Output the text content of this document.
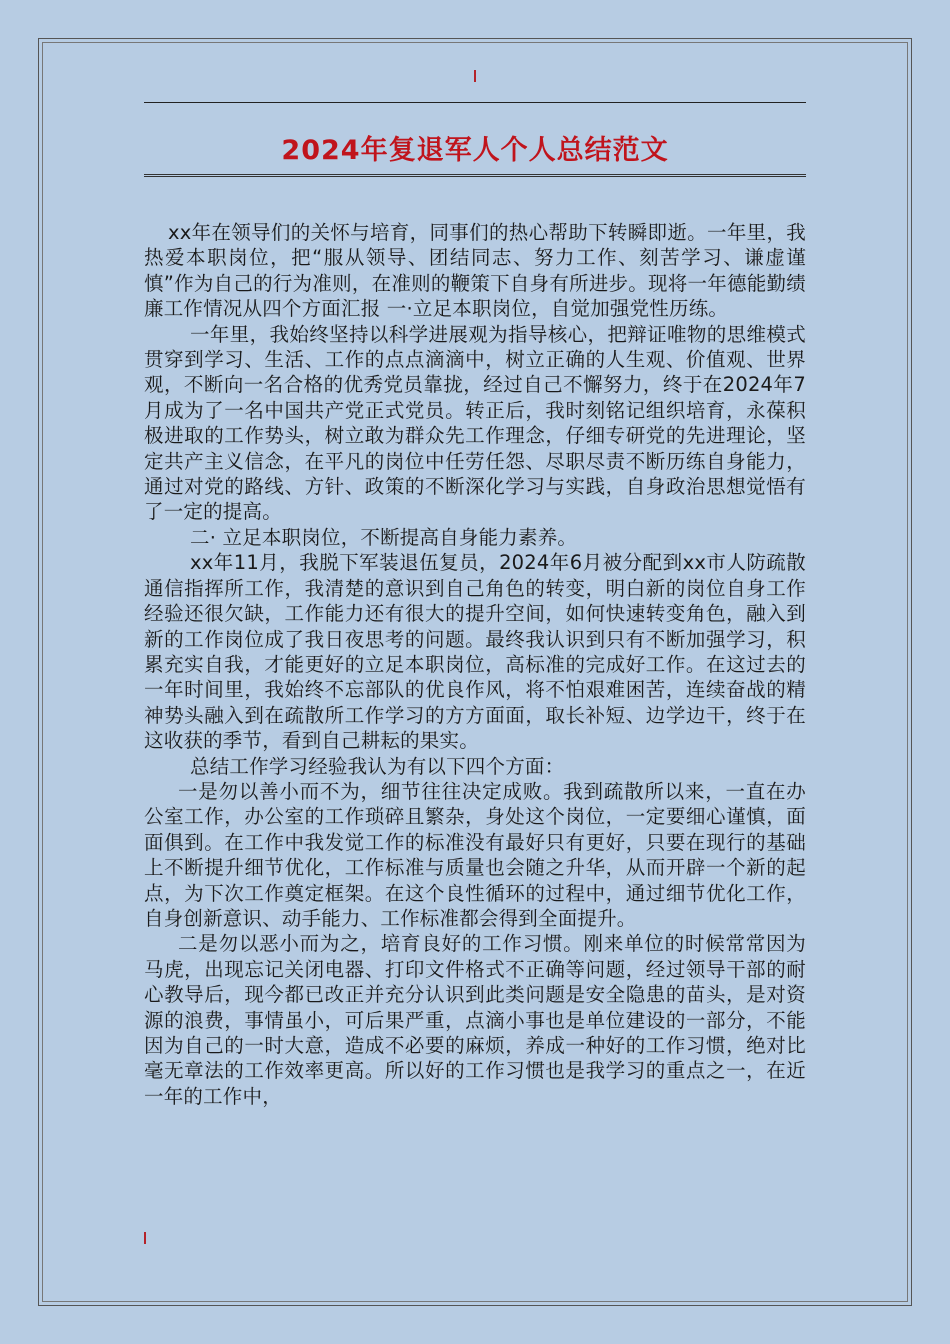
2024年复退军人个人总结范文

xx年在领导们的关怀与培育，同事们的热心帮助下转瞬即逝。一年里，我热爱本职岗位，把“服从领导、团结同志、努力工作、刻苦学习、谦虚谨慎”作为自己的行为准则，在准则的鞭策下自身有所进步。现将一年德能勤绩廉工作情况从四个方面汇报 一·立足本职岗位，自觉加强党性历练。

一年里，我始终坚持以科学进展观为指导核心，把辩证唯物的思维模式贯穿到学习、生活、工作的点点滴滴中，树立正确的人生观、价值观、世界观，不断向一名合格的优秀党员靠拢，经过自己不懈努力，终于在2024年7月成为了一名中国共产党正式党员。转正后，我时刻铭记组织培育，永葆积极进取的工作势头，树立敢为群众先工作理念，仔细专研党的先进理论，坚定共产主义信念，在平凡的岗位中任劳任怨、尽职尽责不断历练自身能力，通过对党的路线、方针、政策的不断深化学习与实践，自身政治思想觉悟有了一定的提高。

二· 立足本职岗位，不断提高自身能力素养。

xx年11月，我脱下军装退伍复员，2024年6月被分配到xx市人防疏散通信指挥所工作，我清楚的意识到自己角色的转变，明白新的岗位自身工作经验还很欠缺，工作能力还有很大的提升空间，如何快速转变角色，融入到新的工作岗位成了我日夜思考的问题。最终我认识到只有不断加强学习，积累充实自我，才能更好的立足本职岗位，高标准的完成好工作。在这过去的一年时间里，我始终不忘部队的优良作风，将不怕艰难困苦，连续奋战的精神势头融入到在疏散所工作学习的方方面面，取长补短、边学边干，终于在这收获的季节，看到自己耕耘的果实。

总结工作学习经验我认为有以下四个方面：

一是勿以善小而不为，细节往往决定成败。我到疏散所以来，一直在办公室工作，办公室的工作琐碎且繁杂，身处这个岗位，一定要细心谨慎，面面俱到。在工作中我发觉工作的标准没有最好只有更好，只要在现行的基础上不断提升细节优化，工作标准与质量也会随之升华，从而开辟一个新的起点，为下次工作奠定框架。在这个良性循环的过程中，通过细节优化工作，自身创新意识、动手能力、工作标准都会得到全面提升。

二是勿以恶小而为之，培育良好的工作习惯。刚来单位的时候常常因为马虎，出现忘记关闭电器、打印文件格式不正确等问题，经过领导干部的耐心教导后，现今都已改正并充分认识到此类问题是安全隐患的苗头，是对资源的浪费，事情虽小，可后果严重，点滴小事也是单位建设的一部分，不能因为自己的一时大意，造成不必要的麻烦，养成一种好的工作习惯，绝对比毫无章法的工作效率更高。所以好的工作习惯也是我学习的重点之一，在近一年的工作中，
